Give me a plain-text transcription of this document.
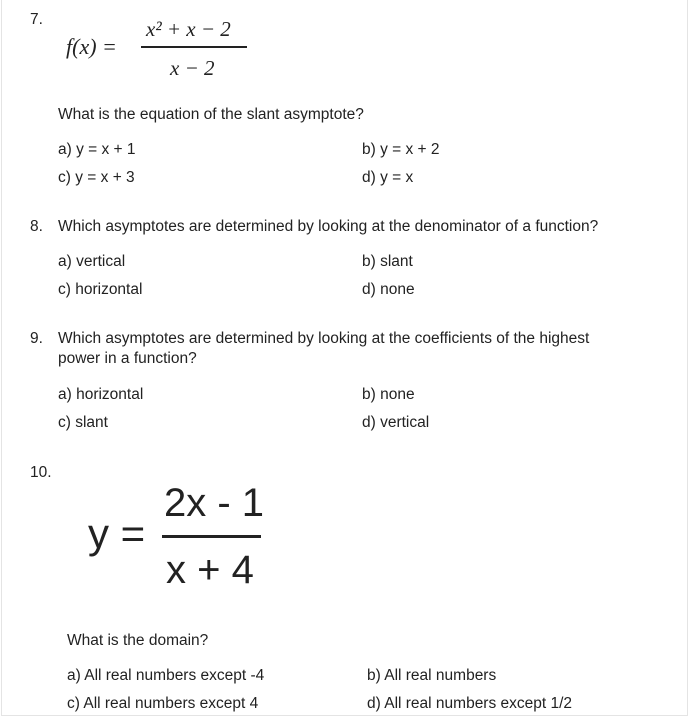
7.
f(x) =
x² + x − 2
x − 2
What is the equation of the slant asymptote?
a) y = x + 1	b) y = x + 2
c) y = x + 3	d) y = x
8. Which asymptotes are determined by looking at the denominator of a function?
a) vertical	b) slant
c) horizontal	d) none
9. Which asymptotes are determined by looking at the coefficients of the highest power in a function?
a) horizontal	b) none
c) slant	d) vertical
10.
y =
2x - 1
x + 4
What is the domain?
a) All real numbers except -4	b) All real numbers
c) All real numbers except 4	d) All real numbers except 1/2
